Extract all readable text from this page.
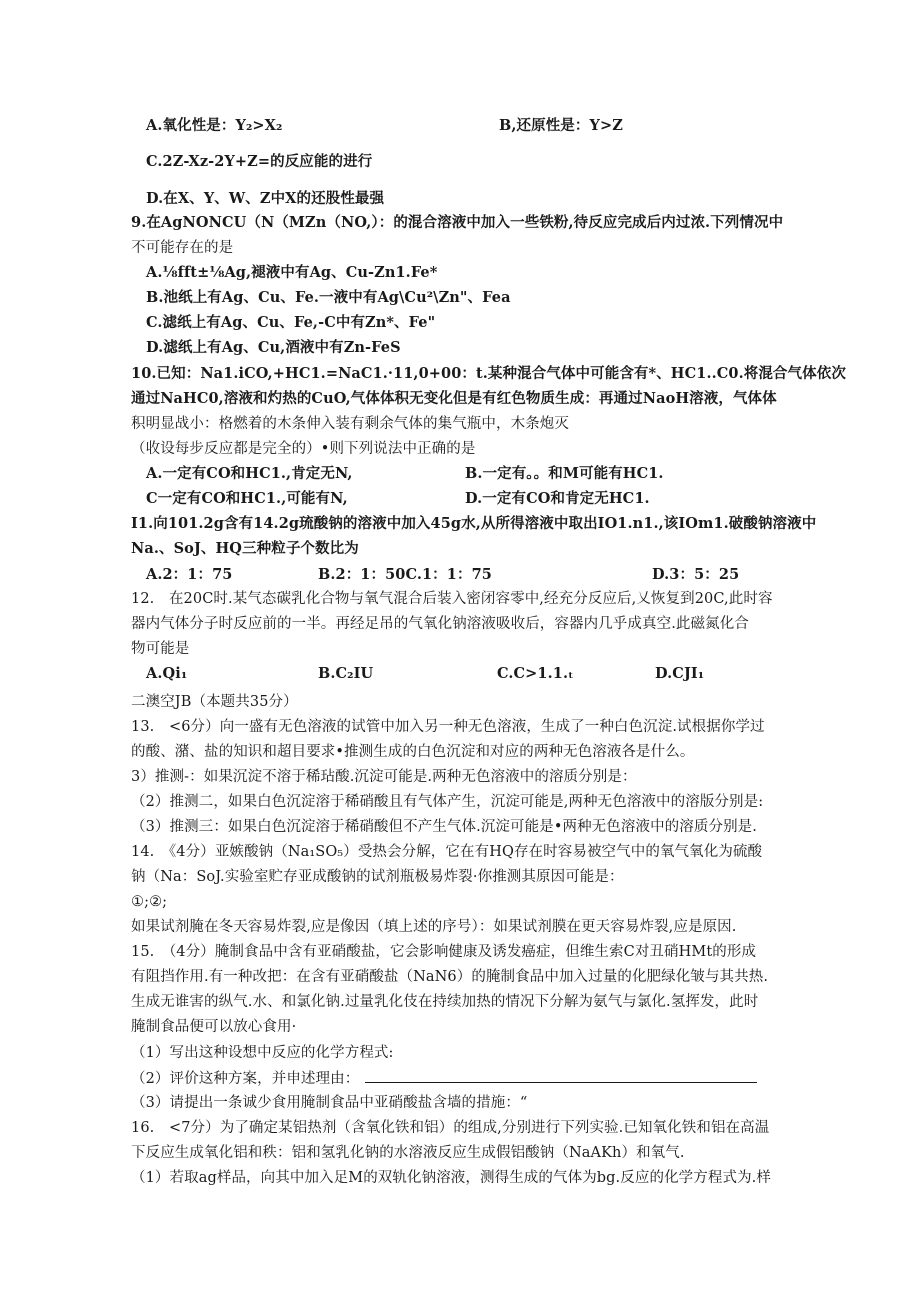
A.氧化性是：Y₂>X₂	B,还原性是：Y>Z
C.2Z-Xz-2Y+Z=的反应能的进行
D.在X、Y、W、Z中X的还股性最强
9.在AgNONCU（N（MZn（NO,）：的混合溶液中加入一些铁粉,待反应完成后内过浓.下列情况中
不可能存在的是
A.⅛fft±⅛Ag,褪液中有Ag、Cu-Zn1.Fe*
B.池纸上有Ag、Cu、Fe.一液中有Ag\Cu²\Zn"、Fea
C.滤纸上有Ag、Cu、Fe,-C中有Zn*、Fe"
D.滤纸上有Ag、Cu,酒液中有Zn-FeS
10.已知：Na1.iCO,+HC1.=NaC1.·11,0+00：t.某种混合气体中可能含有*、HC1..C0.将混合气体依次
通过NaHC0,溶液和灼热的CuO,气体体积无变化但是有红色物质生成：再通过NaoH溶液，气体体
积明显战小：格燃着的木条伸入装有剩余气体的集气瓶中，木条炮灭
（收设每步反应都是完全的）•则下列说法中正确的是
A.一定有CO和HC1.,肯定无N,	B.一定有。。和M可能有HC1.
C一定有CO和HC1.,可能有N,	D.一定有CO和肯定无HC1.
I1.向101.2g含有14.2g琉酸钠的溶液中加入45g水,从所得溶液中取出IO1.n1.,该IOm1.破酸钠溶液中
Na.、SoJ、HQ三种粒子个数比为
A.2：1：75	B.2：1：50C.1：1：75	D.3：5：25
12.　在20C时.某气态碳乳化合物与氧气混合后装入密闭容零中,经充分反应后,乂恢复到20C,此时容
器内气体分子时反应前的一半。再经足吊的气氧化钠溶液吸收后，容器内几乎成真空.此磁氮化合
物可能是
A.Qi₁	B.C₂IU	C.C>1.1.ₜ	D.CJI₁
二澳空JB（本题共35分）
13.　<6分）向一盛有无色溶液的试管中加入另一种无色溶液，生成了一种白色沉淀.试根据你学过
的酸、潴、盐的知识和超目要求•推测生成的白色沉淀和对应的两种无色溶液各是什么。
3）推测-：如果沉淀不溶于稀玷酸.沉淀可能是.两种无色溶液中的溶质分别是：
（2）推测二，如果白色沉淀溶于稀硝酸且有气体产生，沉淀可能是,两种无色溶液中的溶版分别是:
（3）推测三：如果白色沉淀溶于稀硝酸但不产生气体.沉淀可能是•两种无色溶液中的溶质分别是.
14.　《4分）亚嫉酸钠（Na₁SO₅）受热会分解，它在有HQ存在时容易被空气中的氧气氧化为硫酸
钠（Na：SoJ.实验室贮存亚成酸钠的试剂瓶极易炸裂·你推测其原因可能是：
①;②;
如果试剂腌在冬天容易炸裂,应是像因（填上述的序号）：如果试剂膜在更天容易炸裂,应是原因.
15.　（4分）腌制食品中含有亚硝酸盐，它会影响健康及诱发癌症，但维生索C对丑硝HMt的形成
有阻挡作用.有一种改把：在含有亚硝酸盐（NaN6）的腌制食品中加入过量的化肥绿化皱与其共热.
生成无谁害的纵气.水、和氯化钠.过量乳化伎在持续加热的情况下分解为氨气与氯化.氢挥发，此时
腌制食品便可以放心食用·
（1）写出这种设想中反应的化学方程式:
（2）评价这种方案，并申述理由：
（3）请提出一条诚少食用腌制食品中亚硝酸盐含墙的措施：“
16.　<7分）为了确定某铝热剂（含氧化铁和铝）的组成,分别进行下列实验.已知氧化铁和铝在高温
下反应生成氧化铝和秩：铝和氢乳化钠的水溶液反应生成假铝酸钠（NaAKh）和氧气.
（1）若取ag样品，向其中加入足M的双轨化钠溶液，测得生成的气体为bg.反应的化学方程式为.样
